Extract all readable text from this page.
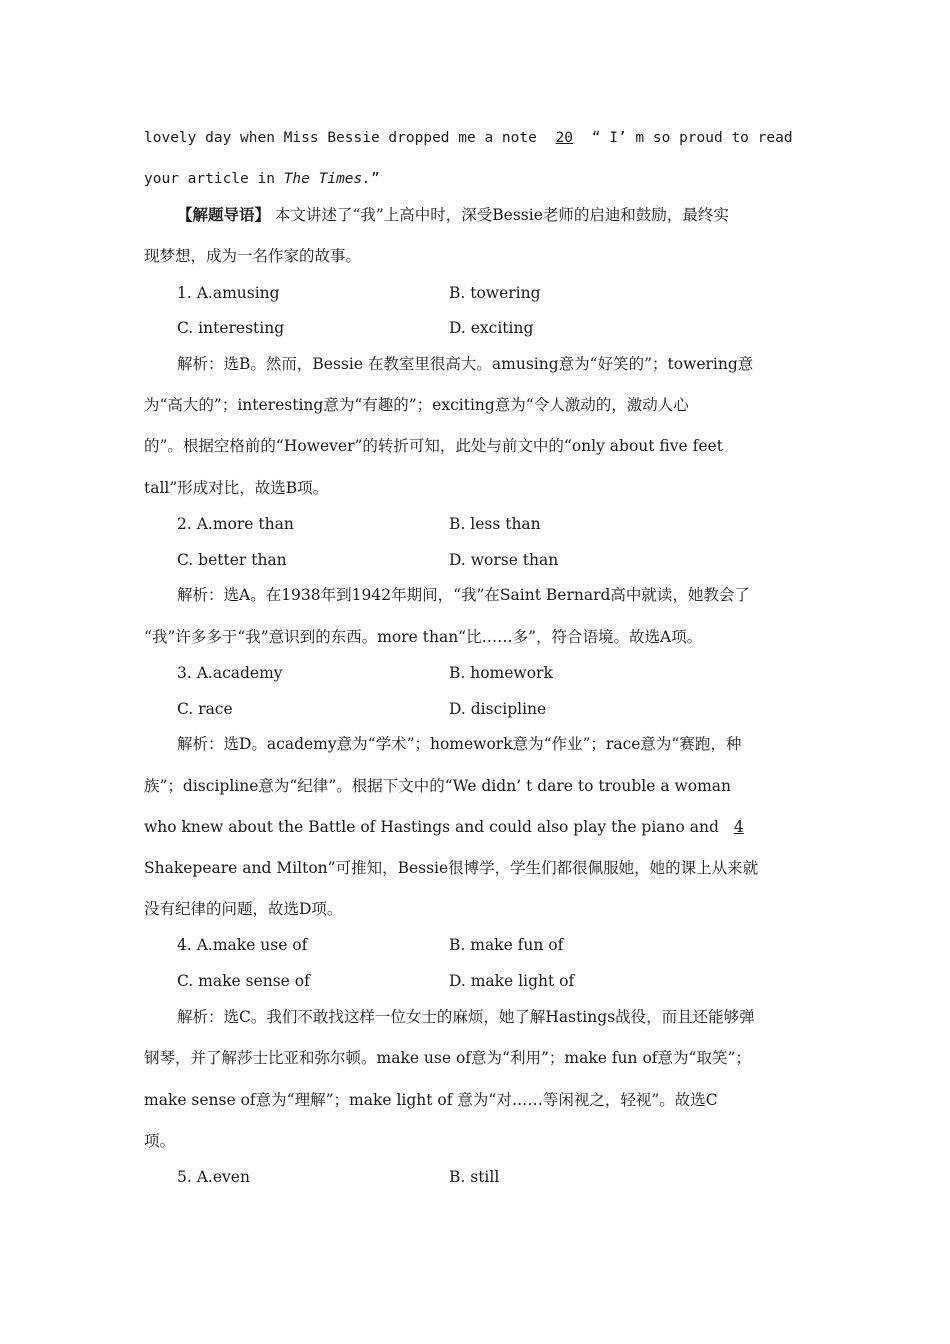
lovely day when Miss Bessie dropped me a note 20 “ I’ m so proud to read
your article in The Times.”
【解题导语】 本文讲述了“我”上高中时，深受Bessie老师的启迪和鼓励，最终实
现梦想，成为一名作家的故事。
1. A.amusing	B. towering
C. interesting	D. exciting
解析：选B。然而，Bessie 在教室里很高大。amusing意为“好笑的”；towering意
为“高大的”；interesting意为“有趣的”；exciting意为“令人激动的，激动人心
的”。根据空格前的“However”的转折可知，此处与前文中的“only about five feet
tall”形成对比，故选B项。
2. A.more than	B. less than
C. better than	D. worse than
解析：选A。在1938年到1942年期间，“我”在Saint Bernard高中就读，她教会了
“我”许多多于“我”意识到的东西。more than“比……多”，符合语境。故选A项。
3. A.academy	B. homework
C. race	D. discipline
解析：选D。academy意为“学术”；homework意为“作业”；race意为“赛跑，种
族”；discipline意为“纪律”。根据下文中的“We didn’ t dare to trouble a woman
who knew about the Battle of Hastings and could also play the piano and 4
Shakepeare and Milton”可推知，Bessie很博学，学生们都很佩服她，她的课上从来就
没有纪律的问题，故选D项。
4. A.make use of	B. make fun of
C. make sense of	D. make light of
解析：选C。我们不敢找这样一位女士的麻烦，她了解Hastings战役，而且还能够弹
钢琴，并了解莎士比亚和弥尔顿。make use of意为“利用”；make fun of意为“取笑”；
make sense of意为“理解”；make light of 意为“对……等闲视之，轻视”。故选C
项。
5. A.even	B. still
